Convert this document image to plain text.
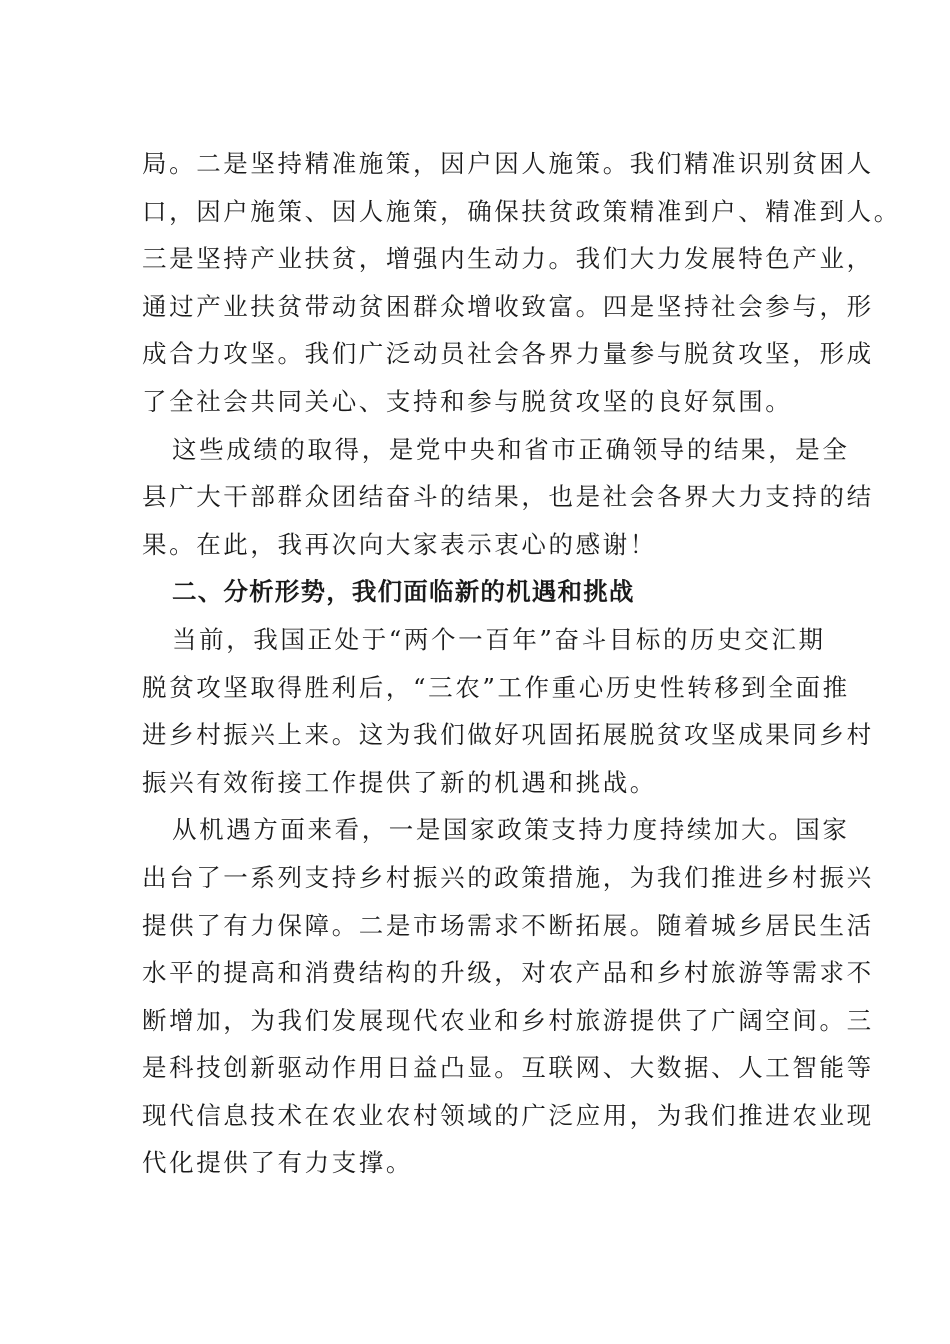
局。二是坚持精准施策，因户因人施策。我们精准识别贫困人
口，因户施策、因人施策，确保扶贫政策精准到户、精准到人。
三是坚持产业扶贫，增强内生动力。我们大力发展特色产业，
通过产业扶贫带动贫困群众增收致富。四是坚持社会参与，形
成合力攻坚。我们广泛动员社会各界力量参与脱贫攻坚，形成
了全社会共同关心、支持和参与脱贫攻坚的良好氛围。
这些成绩的取得，是党中央和省市正确领导的结果，是全
县广大干部群众团结奋斗的结果，也是社会各界大力支持的结
果。在此，我再次向大家表示衷心的感谢！
二、分析形势，我们面临新的机遇和挑战
当前，我国正处于“两个一百年”奋斗目标的历史交汇期
脱贫攻坚取得胜利后，“三农”工作重心历史性转移到全面推
进乡村振兴上来。这为我们做好巩固拓展脱贫攻坚成果同乡村
振兴有效衔接工作提供了新的机遇和挑战。
从机遇方面来看，一是国家政策支持力度持续加大。国家
出台了一系列支持乡村振兴的政策措施，为我们推进乡村振兴
提供了有力保障。二是市场需求不断拓展。随着城乡居民生活
水平的提高和消费结构的升级，对农产品和乡村旅游等需求不
断增加，为我们发展现代农业和乡村旅游提供了广阔空间。三
是科技创新驱动作用日益凸显。互联网、大数据、人工智能等
现代信息技术在农业农村领域的广泛应用，为我们推进农业现
代化提供了有力支撑。
